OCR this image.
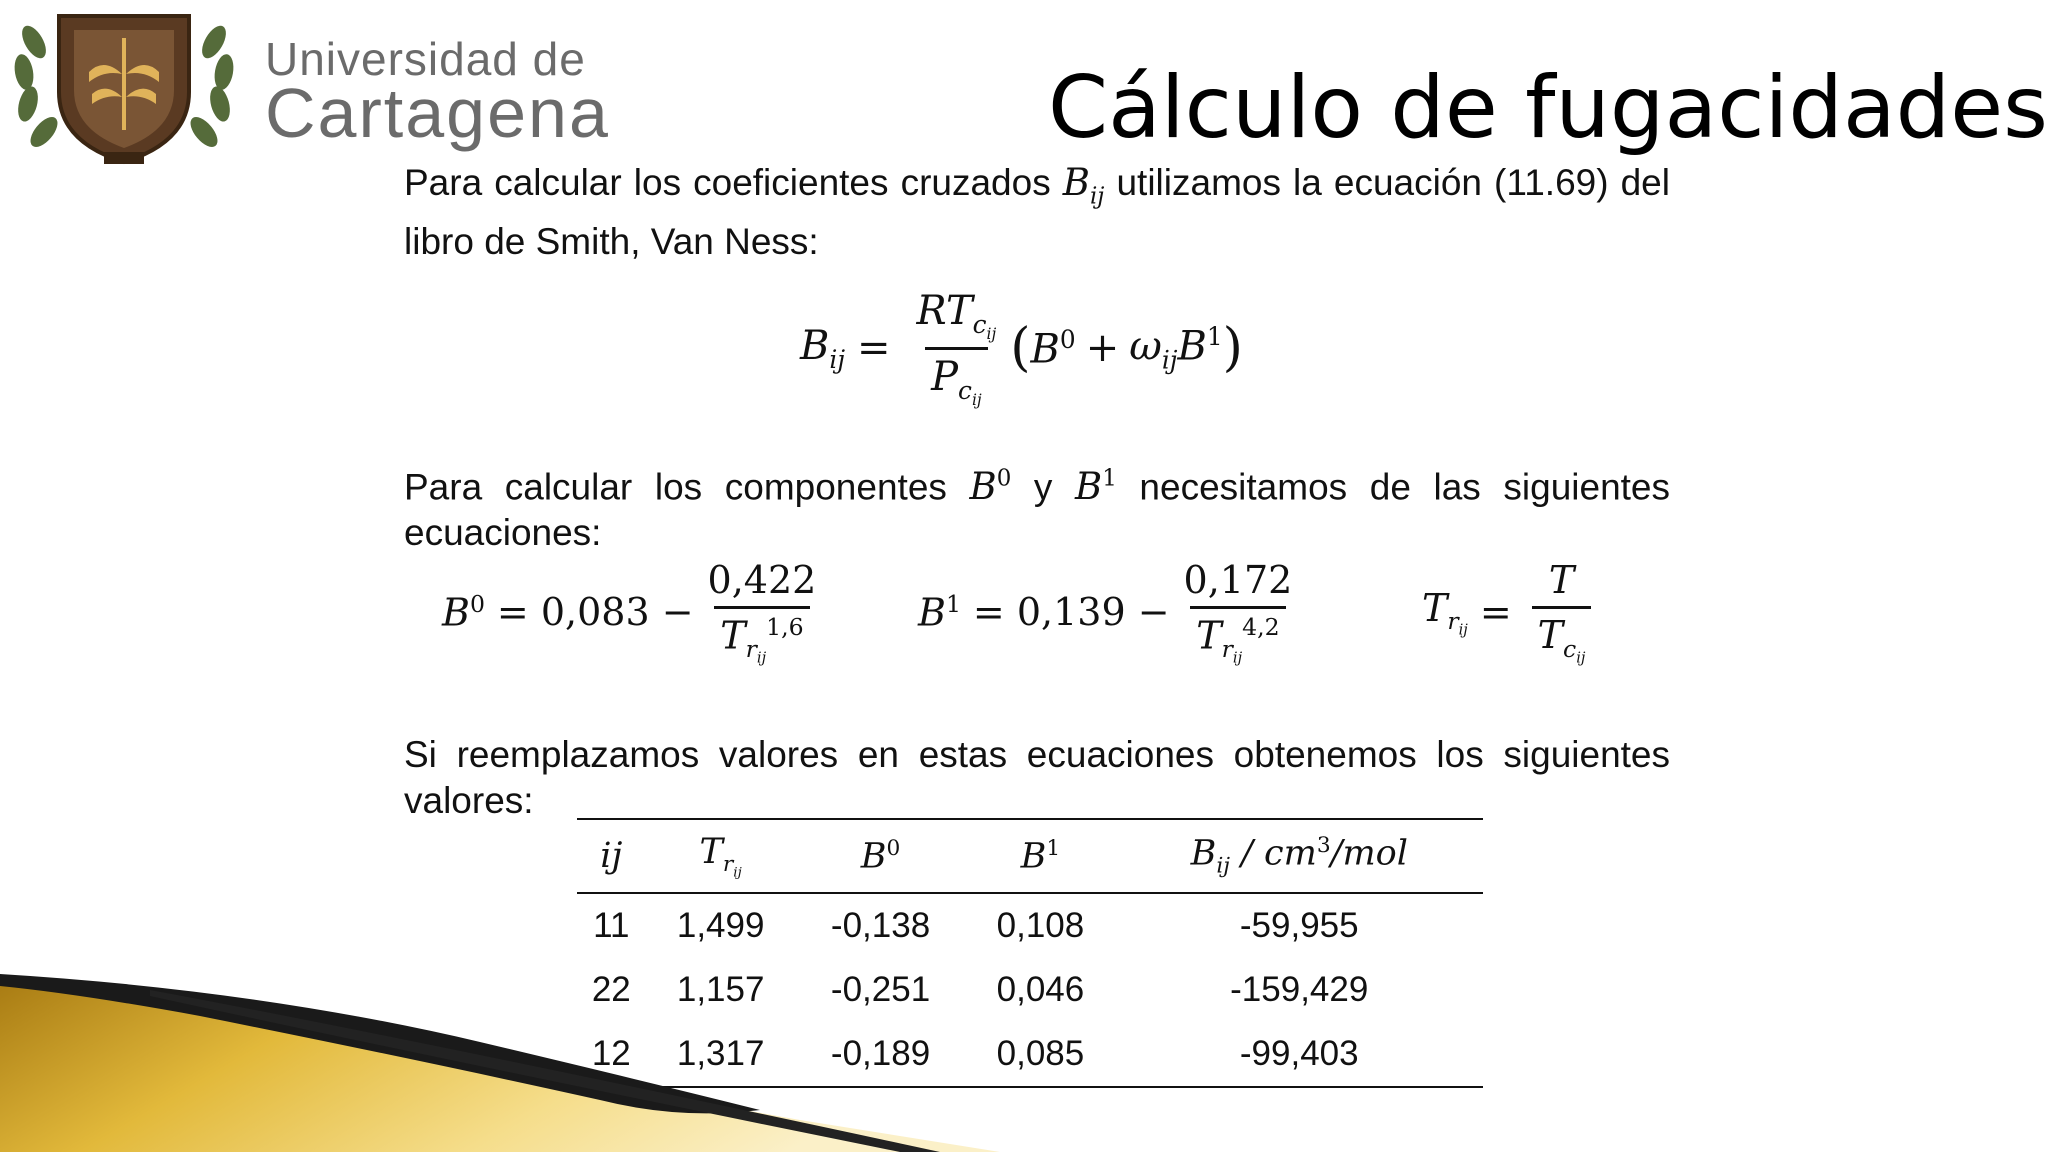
Universidad de
Cartagena	Cálculo de fugacidades
Para calcular los coeficientes cruzados $B_{ij}$ utilizamos la ecuación (11.69) del libro de Smith, Van Ness:
$B_{ij} = \frac{RT_{c_{ij}}}{P_{c_{ij}}}$ ( $B^0 + \omega_{ij}B^1$ )
Para calcular los componentes $B^0$ y $B^1$ necesitamos de las siguientes ecuaciones:
$B^0 = 0,083 - \frac{0,422}{T_{r_{ij}}^{1,6}}$	$B^1 = 0,139 - \frac{0,172}{T_{r_{ij}}^{4,2}}$	$T_{r_{ij}} = \frac{T}{T_{c_{ij}}}$
Si reemplazamos valores en estas ecuaciones obtenemos los siguientes valores:
ij	$T_{r_{ij}}$	$B^0$	$B^1$	$B_{ij} / cm^3/mol$
11	1,499	-0,138	0,108	-59,955
22	1,157	-0,251	0,046	-159,429
12	1,317	-0,189	0,085	-99,403
